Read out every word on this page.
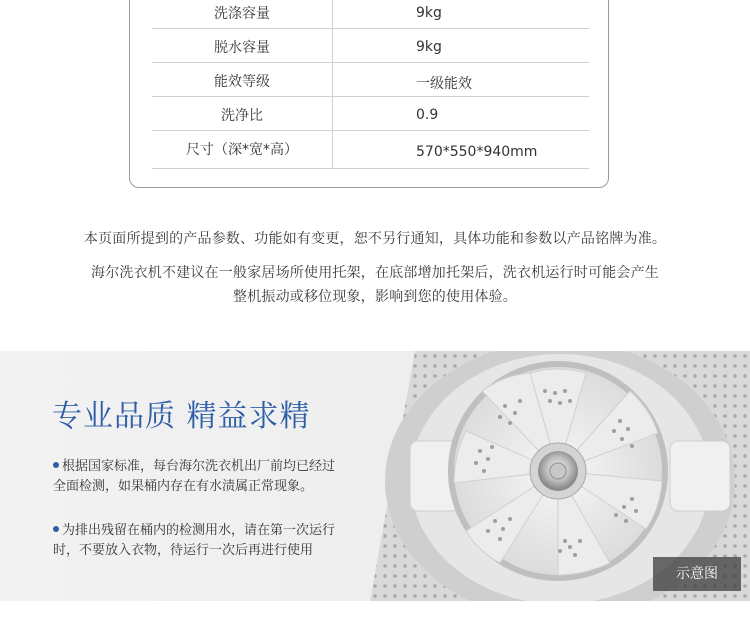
洗涤容量	9kg
脱水容量	9kg
能效等级	一级能效
洗净比	0.9
尺寸（深*宽*高）	570*550*940mm
本页面所提到的产品参数、功能如有变更，恕不另行通知，具体功能和参数以产品铭牌为准。
海尔洗衣机不建议在一般家居场所使用托架，在底部增加托架后，洗衣机运行时可能会产生
整机振动或移位现象，影响到您的使用体验。
专业品质 精益求精
根据国家标准，每台海尔洗衣机出厂前均已经过
全面检测，如果桶内存在有水渍属正常现象。
为排出残留在桶内的检测用水，请在第一次运行
时，不要放入衣物，待运行一次后再进行使用
示意图
